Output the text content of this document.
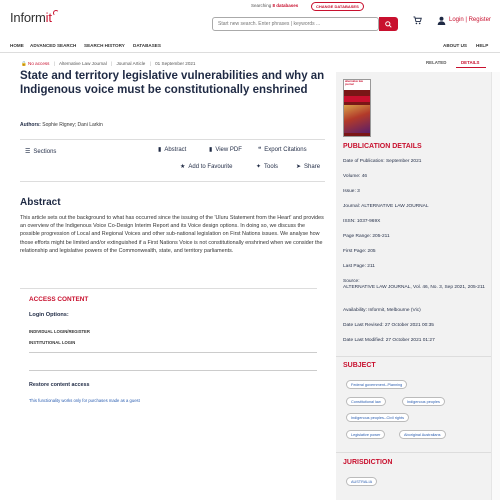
Informit
Searching 8 databases	CHANGE DATABASES
Start new search. Enter phrases | keywords ...
Login | Register
HOME ADVANCED SEARCH SEARCH HISTORY DATABASES	ABOUT US HELP
🔒 No access | Alternative Law Journal | Journal Article | 01 September 2021	RELATED	DETAILS
State and territory legislative vulnerabilities and why an Indigenous voice must be constitutionally enshrined
Authors: Sophie Rigney; Dani Larkin
☰ Sections	▮ Abstract	▮ View PDF	❝ Export Citations
★ Add to Favourite	✦ Tools	➤ Share
Abstract

This article sets out the background to what has occurred since the issuing of the 'Uluru Statement from the Heart' and provides an overview of the Indigenous Voice Co-Design Interim Report and its Voice design options. In doing so, we discuss the possible progression of Local and Regional Voices and other sub-national legislation on First Nations issues. We analyse how those efforts might be limited and/or extinguished if a First Nations Voice is not constitutionally enshrined when we consider the relationship and legislative powers of the Commonwealth, state, and territory parliaments.

ACCESS CONTENT
Login Options:
INDIVIDUAL LOGIN/REGISTER
INSTITUTIONAL LOGIN
Restore content access
This functionality works only for purchases made as a guest
alternative law journal
PUBLICATION DETAILS
Date of Publication: September 2021
Volume: 46
Issue: 3
Journal: ALTERNATIVE LAW JOURNAL
ISSN: 1037-969X
Page Range: 205-211
First Page: 205
Last Page: 211
Source:
ALTERNATIVE LAW JOURNAL, Vol. 46, No. 3, Sep 2021, 205-211
Availability: Informit, Melbourne (Vic)
Date Last Revised: 27 October 2021 00:35
Date Last Modified: 27 October 2021 01:27
SUBJECT
Federal government--Planning
Constitutional law	Indigenous peoples
Indigenous peoples--Civil rights
Legislative power	Aboriginal Australians
JURISDICTION
AUSTRALIA
